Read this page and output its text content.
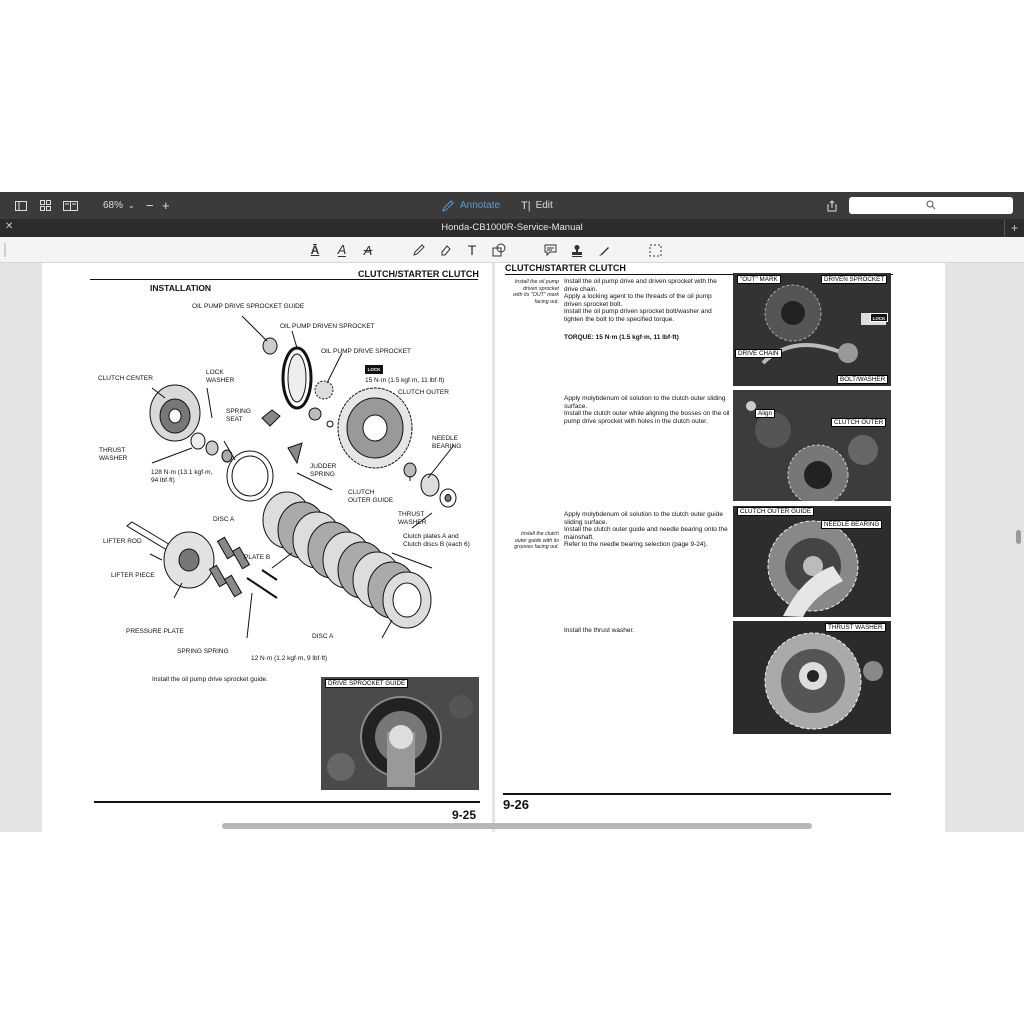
68% ⌄ − +	Annotate T| Edit
✕	Honda-CB1000R-Service-Manual	+
Ā A A	T
CLUTCH/STARTER CLUTCH
INSTALLATION
OIL PUMP DRIVE SPROCKET GUIDE
OIL PUMP DRIVEN SPROCKET
OIL PUMP DRIVE SPROCKET
CLUTCH CENTER
LOCK
WASHER
LOCK
15 N·m (1.5 kgf·m, 11 lbf·ft)
CLUTCH OUTER
SPRING
SEAT
NEEDLE
BEARING
THRUST
WASHER
JUDDER
SPRING
128 N·m (13.1 kgf·m,
94 lbf·ft)
CLUTCH
OUTER GUIDE
DISC A
THRUST
WASHER
LIFTER ROD
Clutch plates A and
Clutch discs B (each 6)
PLATE B
LIFTER PIECE
PRESSURE PLATE
DISC A
SPRING SPRING
12 N·m (1.2 kgf·m, 9 lbf·ft)
Install the oil pump drive sprocket guide.
DRIVE SPROCKET GUIDE
9-25
CLUTCH/STARTER CLUTCH
Install the oil pump
driven sprocket
with its "OUT" mark
facing out.
Install the oil pump drive and driven sprocket with the drive chain.
Apply a locking agent to the threads of the oil pump driven sprocket bolt.
Install the oil pump driven sprocket bolt/washer and tighten the bolt to the specified torque.
TORQUE: 15 N·m (1.5 kgf·m, 11 lbf·ft)
Apply molybdenum oil solution to the clutch outer sliding surface.
Install the clutch outer while aligning the bosses on the oil pump drive sprocket with holes in the clutch outer.
Install the clutch
outer guide with its
grooves facing out.
Apply molybdenum oil solution to the clutch outer guide sliding surface.
Install the clutch outer guide and needle bearing onto the mainshaft.
Refer to the needle bearing selection (page 9-24).
Install the thrust washer.
"OUT" MARK	DRIVEN SPROCKET
LOCK
DRIVE CHAIN
BOLT/WASHER
Align
CLUTCH OUTER
CLUTCH OUTER GUIDE
NEEDLE BEARING
THRUST WASHER
9-26
